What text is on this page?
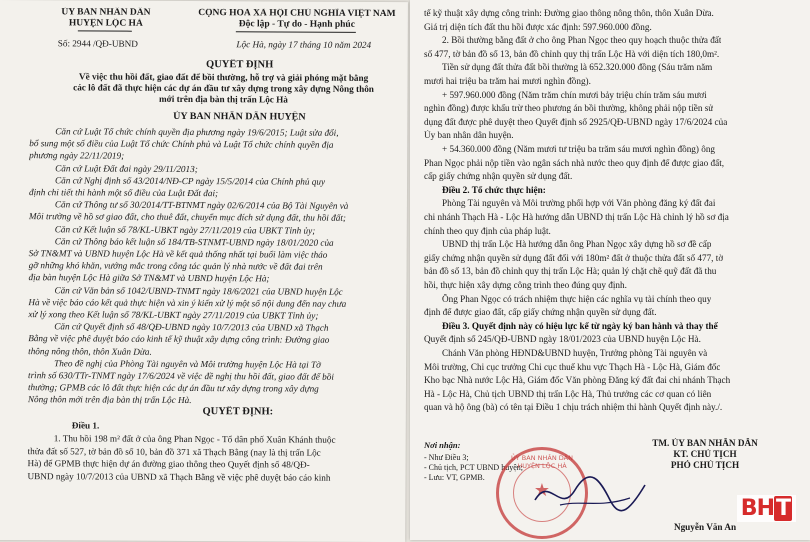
ỦY BAN NHÂN DÂN
HUYỆN LỘC HÀ
Số: 2944 /QĐ-UBND
CỘNG HOÀ XÃ HỘI CHỦ NGHĨA VIỆT NAM
Độc lập - Tự do - Hạnh phúc
Lộc Hà, ngày 17 tháng 10 năm 2024
QUYẾT ĐỊNH
Về việc thu hồi đất, giao đất để bồi thường, hỗ trợ và giải phóng mặt bằng
các lô đất đã thực hiện các dự án đầu tư xây dựng trong xây dựng Nông thôn
mới trên địa bàn thị trấn Lộc Hà
ỦY BAN NHÂN DÂN HUYỆN
Căn cứ Luật Tổ chức chính quyền địa phương ngày 19/6/2015; Luật sửa đổi,
bổ sung một số điều của Luật Tổ chức Chính phủ và Luật Tổ chức chính quyền địa
phương ngày 22/11/2019;
Căn cứ Luật Đất đai ngày 29/11/2013;
Căn cứ Nghị định số 43/2014/NĐ-CP ngày 15/5/2014 của Chính phủ quy
định chi tiết thi hành một số điều của Luật Đất đai;
Căn cứ Thông tư số 30/2014/TT-BTNMT ngày 02/6/2014 của Bộ Tài Nguyên và
Môi trường về hồ sơ giao đất, cho thuê đất, chuyển mục đích sử dụng đất, thu hồi đất;
Căn cứ Kết luận số 78/KL-UBKT ngày 27/11/2019 của UBKT Tỉnh ủy;
Căn cứ Thông báo kết luận số 184/TB-STNMT-UBND ngày 18/01/2020 của
Sở TN&MT và UBND huyện Lộc Hà về kết quả thống nhất tại buổi làm việc tháo
gỡ những khó khăn, vướng mắc trong công tác quản lý nhà nước về đất đai trên
địa bàn huyện Lộc Hà giữa Sở TN&MT và UBND huyện Lộc Hà;
Căn cứ Văn bản số 1042/UBND-TNMT ngày 18/6/2021 của UBND huyện Lộc
Hà về việc báo cáo kết quả thực hiện và xin ý kiến xử lý một số nội dung đến nay chưa
xử lý xong theo Kết luận số 78/KL-UBKT ngày 27/11/2019 của UBKT Tỉnh ủy;
Căn cứ Quyết định số 48/QĐ-UBND ngày 10/7/2013 của UBND xã Thạch
Bằng về việc phê duyệt báo cáo kinh tế kỹ thuật xây dựng công trình: Đường giao
thông nông thôn, thôn Xuân Dừa.
Theo đề nghị của Phòng Tài nguyên và Môi trường huyện Lộc Hà tại Tờ
trình số 630/TTr-TNMT ngày 17/6/2024 về việc đề nghị thu hồi đất, giao đất để bồi
thường; GPMB các lô đất thực hiện các dự án đầu tư xây dựng trong xây dựng
Nông thôn mới trên địa bàn thị trấn Lộc Hà.
QUYẾT ĐỊNH:
Điều 1.
1. Thu hồi 198 m² đất ở của ông Phan Ngọc - Tổ dân phố Xuân Khánh thuộc
thửa đất số 527, tờ bản đồ số 10, bản đồ 371 xã Thạch Bằng (nay là thị trấn Lộc
Hà) để GPMB thực hiện dự án đường giao thông theo Quyết định số 48/QĐ-
UBND ngày 10/7/2013 của UBND xã Thạch Bằng về việc phê duyệt báo cáo kinh
tế kỹ thuật xây dựng công trình: Đường giao thông nông thôn, thôn Xuân Dừa.
Giá trị diện tích đất thu hồi được xác định: 597.960.000 đồng.
2. Bồi thường bằng đất ở cho ông Phan Ngọc theo quy hoạch thuộc thửa đất
số 477, tờ bản đồ số 13, bản đồ chỉnh quy thị trấn Lộc Hà với diện tích 180,0m².
Tiền sử dụng đất thửa đất bồi thường là 652.320.000 đồng (Sáu trăm năm
mươi hai triệu ba trăm hai mươi nghìn đồng).
+ 597.960.000 đồng (Năm trăm chín mươi bảy triệu chín trăm sáu mươi
nghìn đồng) được khấu trừ theo phương án bồi thường, không phải nộp tiền sử
dụng đất được phê duyệt theo Quyết định số 2925/QĐ-UBND ngày 17/6/2024 của
Ủy ban nhân dân huyện.
+ 54.360.000 đồng (Năm mươi tư triệu ba trăm sáu mươi nghìn đồng) ông
Phan Ngọc phải nộp tiền vào ngân sách nhà nước theo quy định để được giao đất,
cấp giấy chứng nhận quyền sử dụng đất.
Điều 2. Tổ chức thực hiện:
Phòng Tài nguyên và Môi trường phối hợp với Văn phòng đăng ký đất đai
chi nhánh Thạch Hà - Lộc Hà hướng dẫn UBND thị trấn Lộc Hà chỉnh lý hồ sơ địa
chính theo quy định của pháp luật.
UBND thị trấn Lộc Hà hướng dẫn ông Phan Ngọc xây dựng hồ sơ đề cấp
giấy chứng nhận quyền sử dụng đất đối với 180m² đất ở thuộc thửa đất số 477, tờ
bản đồ số 13, bản đồ chỉnh quy thị trấn Lộc Hà; quản lý chặt chẽ quỹ đất đã thu
hồi, thực hiện xây dựng công trình theo đúng quy định.
Ông Phan Ngọc có trách nhiệm thực hiện các nghĩa vụ tài chính theo quy
định để được giao đất, cấp giấy chứng nhận quyền sử dụng đất.
Điều 3. Quyết định này có hiệu lực kể từ ngày ký ban hành và thay thế
Quyết định số 245/QĐ-UBND ngày 18/01/2023 của UBND huyện Lộc Hà.
Chánh Văn phòng HĐND&UBND huyện, Trưởng phòng Tài nguyên và
Môi trường, Chi cục trưởng Chi cục thuế khu vực Thạch Hà - Lộc Hà, Giám đốc
Kho bạc Nhà nước Lộc Hà, Giám đốc Văn phòng Đăng ký đất đai chi nhánh Thạch
Hà - Lộc Hà, Chủ tịch UBND thị trấn Lộc Hà, Thủ trưởng các cơ quan có liên
quan và hộ ông (bà) có tên tại Điều 1 chịu trách nhiệm thi hành Quyết định này./.
Nơi nhận:
- Như Điều 3;
- Chủ tịch, PCT UBND huyện;
- Lưu: VT, GPMB.
TM. ỦY BAN NHÂN DÂN
KT. CHỦ TỊCH
PHÓ CHỦ TỊCH
ỦY BAN NHÂN DÂN HUYỆN LỘC HÀ
★
Nguyễn Văn An
BHT
